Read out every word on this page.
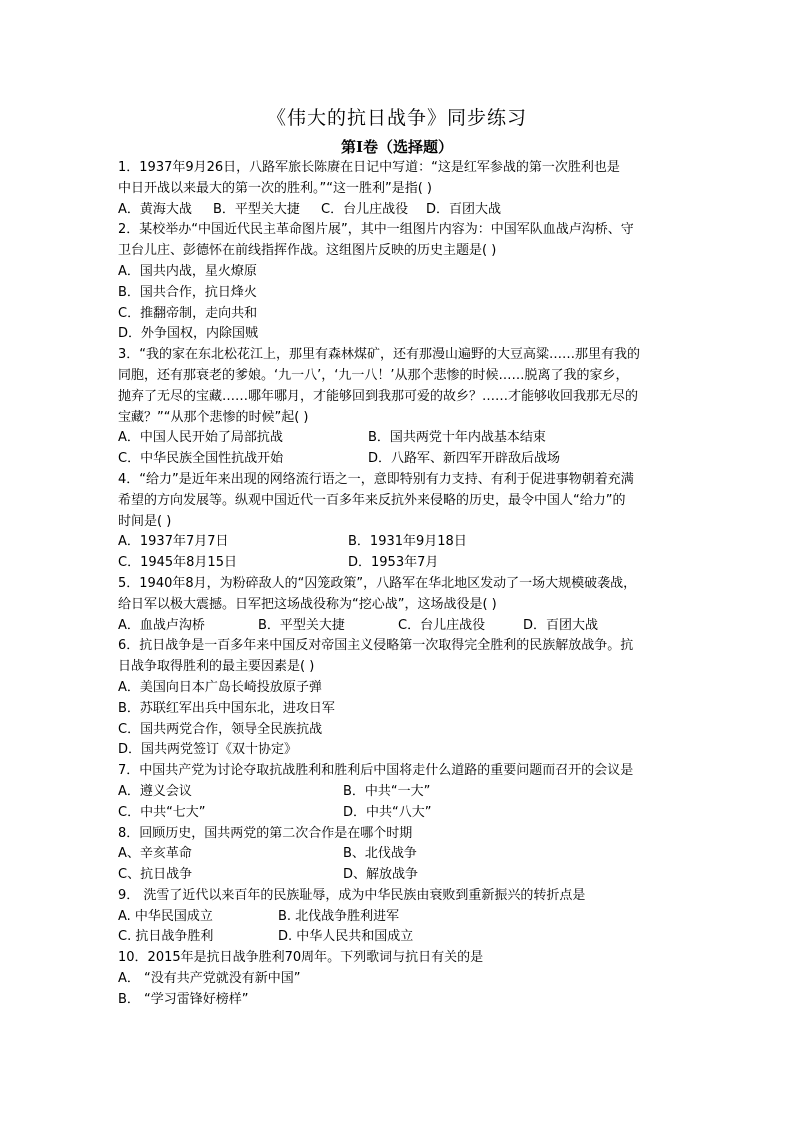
《伟大的抗日战争》同步练习
第Ⅰ卷（选择题）
1．1937年9月26日，八路军旅长陈赓在日记中写道：“这是红军参战的第一次胜利也是
中日开战以来最大的第一次的胜利。”“这一胜利”是指( )
A．黄海大战	B．平型关大捷	C．台儿庄战役	D．百团大战
2．某校举办“中国近代民主革命图片展”，其中一组图片内容为：中国军队血战卢沟桥、守
卫台儿庄、彭德怀在前线指挥作战。这组图片反映的历史主题是( )
A．国共内战，星火燎原
B．国共合作，抗日烽火
C．推翻帝制，走向共和
D．外争国权，内除国贼
3．“我的家在东北松花江上，那里有森林煤矿，还有那漫山遍野的大豆高粱……那里有我的
同胞，还有那衰老的爹娘。‘九一八’，‘九一八！’从那个悲惨的时候……脱离了我的家乡，
抛弃了无尽的宝藏……哪年哪月，才能够回到我那可爱的故乡？……才能够收回我那无尽的
宝藏？”“从那个悲惨的时候”起( )
A．中国人民开始了局部抗战	B．国共两党十年内战基本结束
C．中华民族全国性抗战开始	D．八路军、新四军开辟敌后战场
4．“给力”是近年来出现的网络流行语之一，意即特别有力支持、有利于促进事物朝着充满
希望的方向发展等。纵观中国近代一百多年来反抗外来侵略的历史，最令中国人“给力”的
时间是( )
A．1937年7月7日	B．1931年9月18日
C．1945年8月15日	D．1953年7月
5．1940年8月，为粉碎敌人的“囚笼政策”，八路军在华北地区发动了一场大规模破袭战，
给日军以极大震撼。日军把这场战役称为“挖心战”，这场战役是( )
A．血战卢沟桥	B．平型关大捷	C．台儿庄战役	D．百团大战
6．抗日战争是一百多年来中国反对帝国主义侵略第一次取得完全胜利的民族解放战争。抗
日战争取得胜利的最主要因素是( )
A．美国向日本广岛长崎投放原子弹
B．苏联红军出兵中国东北，进攻日军
C．国共两党合作，领导全民族抗战
D．国共两党签订《双十协定》
7．中国共产党为讨论夺取抗战胜利和胜利后中国将走什么道路的重要问题而召开的会议是
A．遵义会议	B．中共“一大”
C．中共“七大”	D．中共“八大”
8．回顾历史，国共两党的第二次合作是在哪个时期
A、辛亥革命	B、北伐战争
C、抗日战争	D、解放战争
9． 洗雪了近代以来百年的民族耻辱，成为中华民族由衰败到重新振兴的转折点是
A. 中华民国成立	B. 北伐战争胜利进军
C. 抗日战争胜利	D. 中华人民共和国成立
10．2015年是抗日战争胜利70周年。下列歌词与抗日有关的是
A． “没有共产党就没有新中国”
B． “学习雷锋好榜样”
